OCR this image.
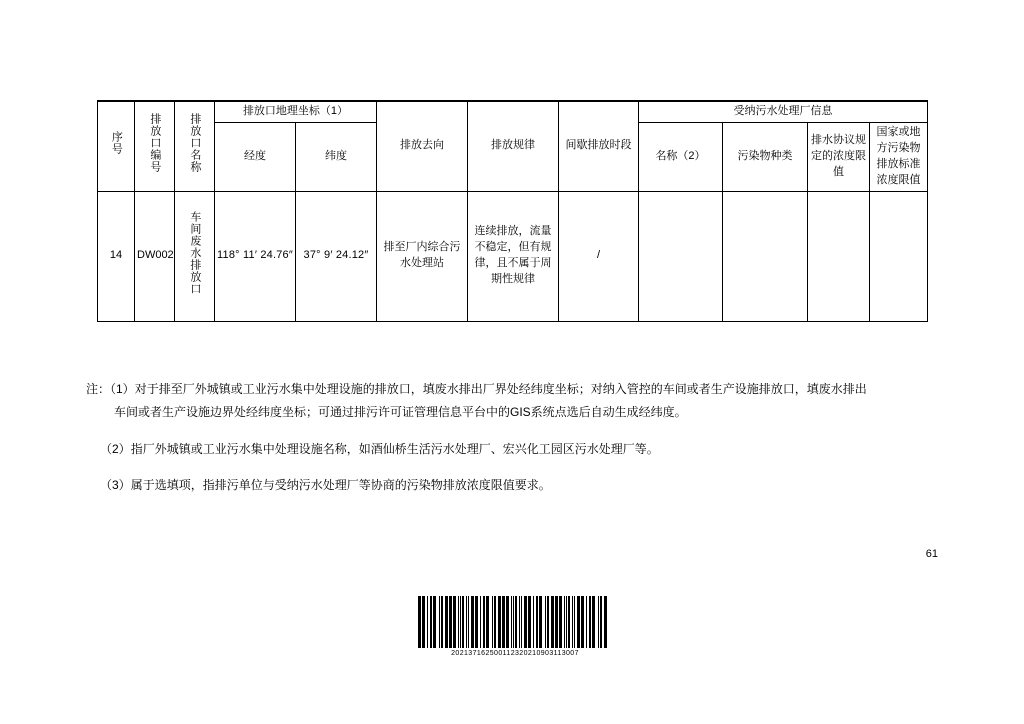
序号	排放口编号	排放口名称	排放口地理坐标（1）		排放去向	排放规律	间歇排放时段	受纳污水处理厂信息			
			经度	纬度				名称（2）	污染物种类	排水协议规定的浓度限值	国家或地方污染物排放标准浓度限值
14	DW002	车间废水排放口	118° 11′ 24.76″	37° 9′ 24.12″	排至厂内综合污水处理站	连续排放，流量不稳定，但有规律，且不属于周期性规律	/				

注：（1）对于排至厂外城镇或工业污水集中处理设施的排放口，填废水排出厂界处经纬度坐标；对纳入管控的车间或者生产设施排放口，填废水排出
车间或者生产设施边界处经纬度坐标；可通过排污许可证管理信息平台中的GIS系统点选后自动生成经纬度。

（2）指厂外城镇或工业污水集中处理设施名称，如酒仙桥生活污水处理厂、宏兴化工园区污水处理厂等。

（3）属于选填项，指排污单位与受纳污水处理厂等协商的污染物排放浓度限值要求。

61
202137162500112320210903113007
